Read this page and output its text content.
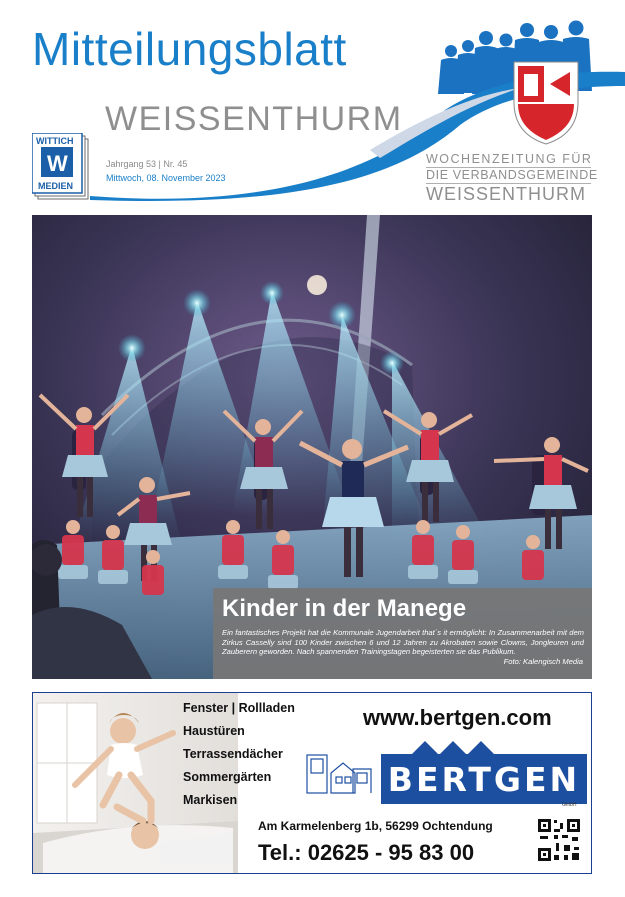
Mitteilungsblatt
WEISSENTHURM
W
WITTICH
MEDIEN
Jahrgang 53 | Nr. 45
Mittwoch, 08. November 2023
WOCHENZEITUNG FÜR
DIE VERBANDSGEMEINDE
WEISSENTHURM
Kinder in der Manege
Ein fantastisches Projekt hat die Kommunale Jugendarbeit that´s it ermöglicht: In Zusammenarbeit mit dem Zirkus Casselly sind 100 Kinder zwischen 6 und 12 Jahren zu Akrobaten sowie Clowns, Jongleuren und Zauberern geworden. Nach spannenden Trainingstagen begeisterten sie das Publikum.
Foto: Kalengisch Media
Fenster | Rollladen
Haustüren
Terrassendächer
Sommergärten
Markisen
www.bertgen.com
BERTGEN
GmbH
Am Karmelenberg 1b, 56299 Ochtendung
Tel.: 02625 - 95 83 00
